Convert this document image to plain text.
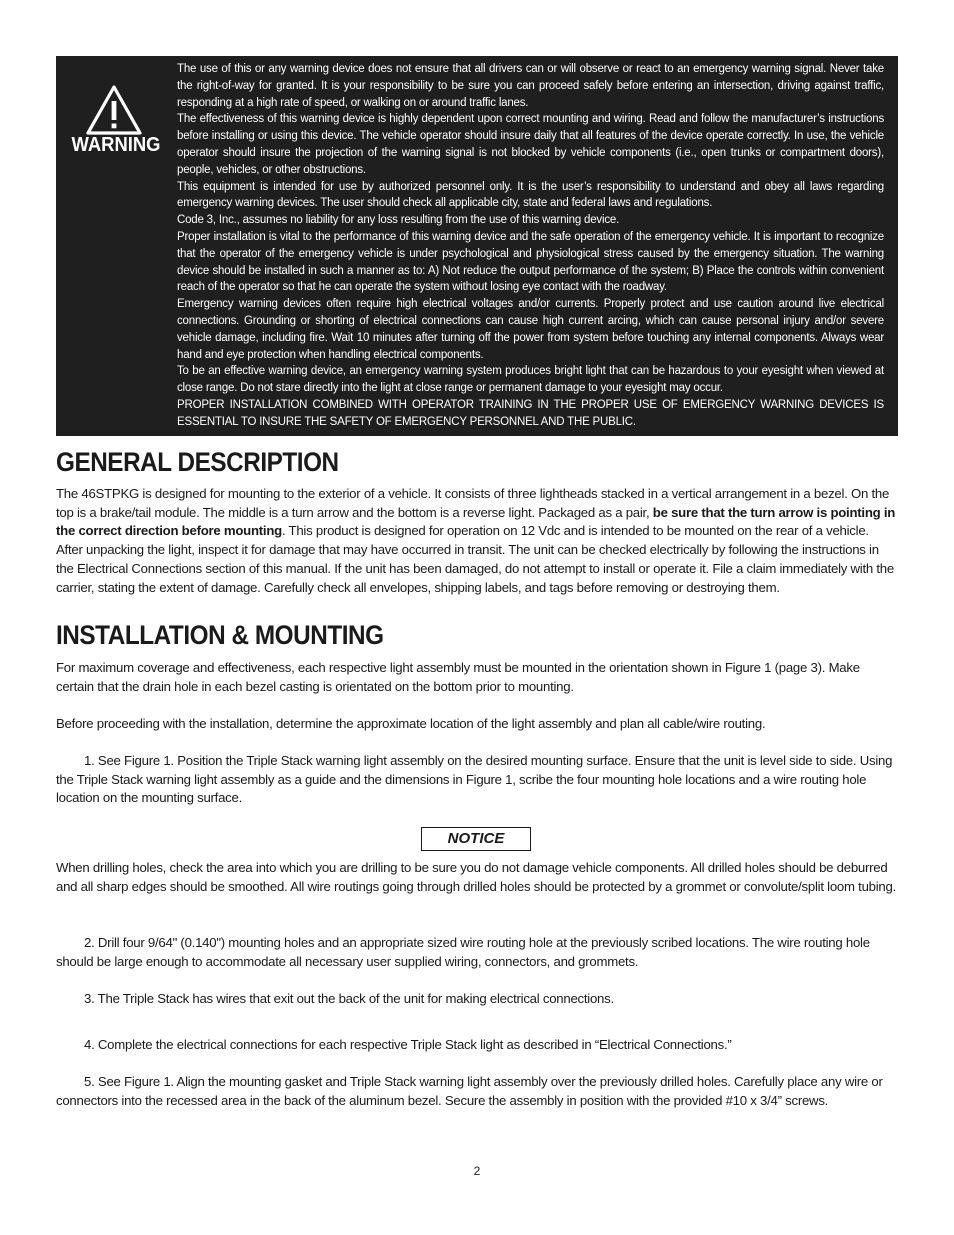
WARNING

The use of this or any warning device does not ensure that all drivers can or will observe or react to an emergency warning signal. Never take the right-of-way for granted. It is your responsibility to be sure you can proceed safely before entering an intersection, driving against traffic, responding at a high rate of speed, or walking on or around traffic lanes.

The effectiveness of this warning device is highly dependent upon correct mounting and wiring. Read and follow the manufacturer’s instructions before installing or using this device. The vehicle operator should insure daily that all features of the device operate correctly. In use, the vehicle operator should insure the projection of the warning signal is not blocked by vehicle components (i.e., open trunks or compartment doors), people, vehicles, or other obstructions.

This equipment is intended for use by authorized personnel only. It is the user’s responsibility to understand and obey all laws regarding emergency warning devices. The user should check all applicable city, state and federal laws and regulations.

Code 3, Inc., assumes no liability for any loss resulting from the use of this warning device.

Proper installation is vital to the performance of this warning device and the safe operation of the emergency vehicle. It is important to recognize that the operator of the emergency vehicle is under psychological and physiological stress caused by the emergency situation. The warning device should be installed in such a manner as to: A) Not reduce the output performance of the system; B) Place the controls within convenient reach of the operator so that he can operate the system without losing eye contact with the roadway.

Emergency warning devices often require high electrical voltages and/or currents. Properly protect and use caution around live electrical connections. Grounding or shorting of electrical connections can cause high current arcing, which can cause personal injury and/or severe vehicle damage, including fire. Wait 10 minutes after turning off the power from system before touching any internal components. Always wear hand and eye protection when handling electrical components.

To be an effective warning device, an emergency warning system produces bright light that can be hazardous to your eyesight when viewed at close range. Do not stare directly into the light at close range or permanent damage to your eyesight may occur.

PROPER INSTALLATION COMBINED WITH OPERATOR TRAINING IN THE PROPER USE OF EMERGENCY WARNING DEVICES IS ESSENTIAL TO INSURE THE SAFETY OF EMERGENCY PERSONNEL AND THE PUBLIC.

GENERAL DESCRIPTION

The 46STPKG is designed for mounting to the exterior of a vehicle. It consists of three lightheads stacked in a vertical arrangement in a bezel. On the top is a brake/tail module. The middle is a turn arrow and the bottom is a reverse light. Packaged as a pair, be sure that the turn arrow is pointing in the correct direction before mounting. This product is designed for operation on 12 Vdc and is intended to be mounted on the rear of a vehicle. After unpacking the light, inspect it for damage that may have occurred in transit. The unit can be checked electrically by following the instructions in the Electrical Connections section of this manual. If the unit has been damaged, do not attempt to install or operate it. File a claim immediately with the carrier, stating the extent of damage. Carefully check all envelopes, shipping labels, and tags before removing or destroying them.

INSTALLATION & MOUNTING

For maximum coverage and effectiveness, each respective light assembly must be mounted in the orientation shown in Figure 1 (page 3). Make certain that the drain hole in each bezel casting is orientated on the bottom prior to mounting.

Before proceeding with the installation, determine the approximate location of the light assembly and plan all cable/wire routing.

1. See Figure 1. Position the Triple Stack warning light assembly on the desired mounting surface. Ensure that the unit is level side to side. Using the Triple Stack warning light assembly as a guide and the dimensions in Figure 1, scribe the four mounting hole locations and a wire routing hole location on the mounting surface.

NOTICE

When drilling holes, check the area into which you are drilling to be sure you do not damage vehicle components. All drilled holes should be deburred and all sharp edges should be smoothed. All wire routings going through drilled holes should be protected by a grommet or convolute/split loom tubing.

2. Drill four 9/64" (0.140") mounting holes and an appropriate sized wire routing hole at the previously scribed locations. The wire routing hole should be large enough to accommodate all necessary user supplied wiring, connectors, and grommets.

3. The Triple Stack has wires that exit out the back of the unit for making electrical connections.

4. Complete the electrical connections for each respective Triple Stack light as described in “Electrical Connections.”

5. See Figure 1. Align the mounting gasket and Triple Stack warning light assembly over the previously drilled holes. Carefully place any wire or connectors into the recessed area in the back of the aluminum bezel. Secure the assembly in position with the provided #10 x 3/4” screws.

2
